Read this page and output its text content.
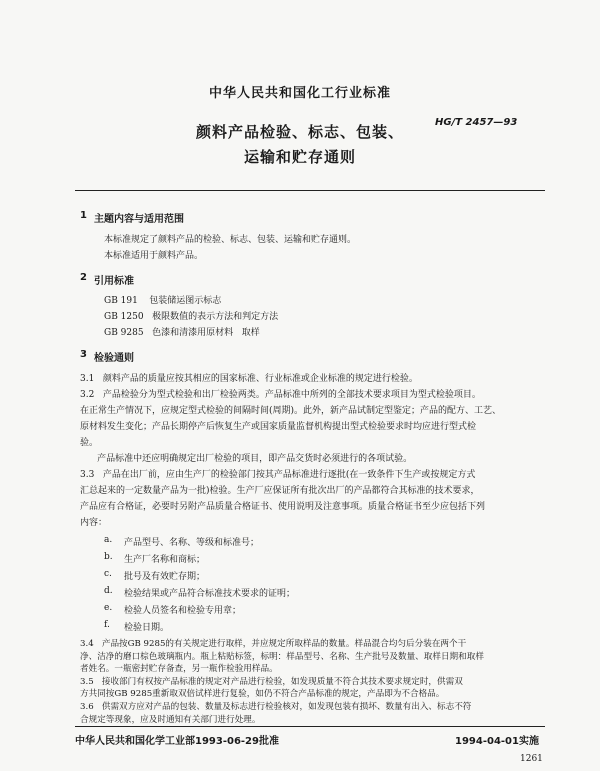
中华人民共和国化工行业标准
HG/T 2457—93
颜料产品检验、标志、包装、
运输和贮存通则
1 主题内容与适用范围
本标准规定了颜料产品的检验、标志、包装、运输和贮存通则。
本标准适用于颜料产品。
2 引用标准
GB 191    包装储运图示标志
GB 1250   极限数值的表示方法和判定方法
GB 9285   色漆和清漆用原材料   取样
3 检验通则
3.1   颜料产品的质量应按其相应的国家标准、行业标准或企业标准的规定进行检验。
3.2   产品检验分为型式检验和出厂检验两类。产品标准中所列的全部技术要求项目为型式检验项目。
在正常生产情况下，应规定型式检验的间隔时间(周期)。此外，新产品试制定型鉴定；产品的配方、工艺、
原材料发生变化；产品长期停产后恢复生产或国家质量监督机构提出型式检验要求时均应进行型式检
验。
产品标准中还应明确规定出厂检验的项目，即产品交货时必须进行的各项试验。
3.3   产品在出厂前，应由生产厂的检验部门按其产品标准进行逐批(在一致条件下生产或按规定方式
汇总起来的一定数量产品为一批)检验。生产厂应保证所有批次出厂的产品都符合其标准的技术要求，
产品应有合格证，必要时另附产品质量合格证书、使用说明及注意事项。质量合格证书至少应包括下列
内容：
a. 产品型号、名称、等级和标准号；
b. 生产厂名称和商标；
c. 批号及有效贮存期；
d. 检验结果或产品符合标准技术要求的证明；
e. 检验人员签名和检验专用章；
f. 检验日期。
中华人民共和国化学工业部1993-06-29批准	1994-04-01实施
1261
3.4   产品按GB 9285的有关规定进行取样，并应规定所取样品的数量。样品混合均匀后分装在两个干
净、洁净的磨口棕色玻璃瓶内。瓶上粘贴标签，标明：样品型号、名称、生产批号及数量、取样日期和取样
者姓名。一瓶密封贮存备查，另一瓶作检验用样品。
3.5   接收部门有权按产品标准的规定对产品进行检验，如发现质量不符合其技术要求规定时，供需双
方共同按GB 9285重新取双倍试样进行复验，如仍不符合产品标准的规定，产品即为不合格品。
3.6   供需双方应对产品的包装、数量及标志进行检验核对，如发现包装有损坏、数量有出入、标志不符
合规定等现象，应及时通知有关部门进行处理。
